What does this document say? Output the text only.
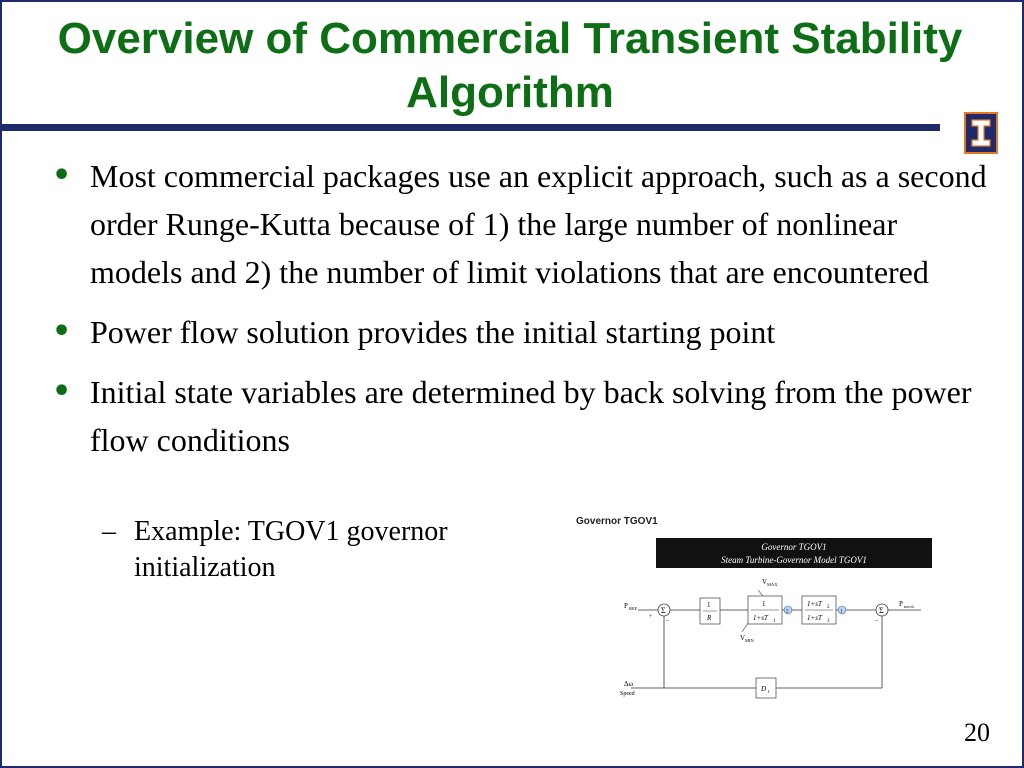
Overview of Commercial Transient Stability Algorithm
• Most commercial packages use an explicit approach, such as a second order Runge-Kutta because of 1) the large number of nonlinear models and 2) the number of limit violations that are encountered
• Power flow solution provides the initial starting point
• Initial state variables are determined by back solving from the power flow conditions
– Example: TGOV1 governor initialization
Governor TGOV1
Governor TGOV1
Steam Turbine-Governor Model TGOV1
Σ	Σ
1
R
1
1+sT 1
1+sT 2
1+sT 3
D t
2	1
P REF
P mech
V MAX
V MIN
Δω
Speed
+
–	–
20
